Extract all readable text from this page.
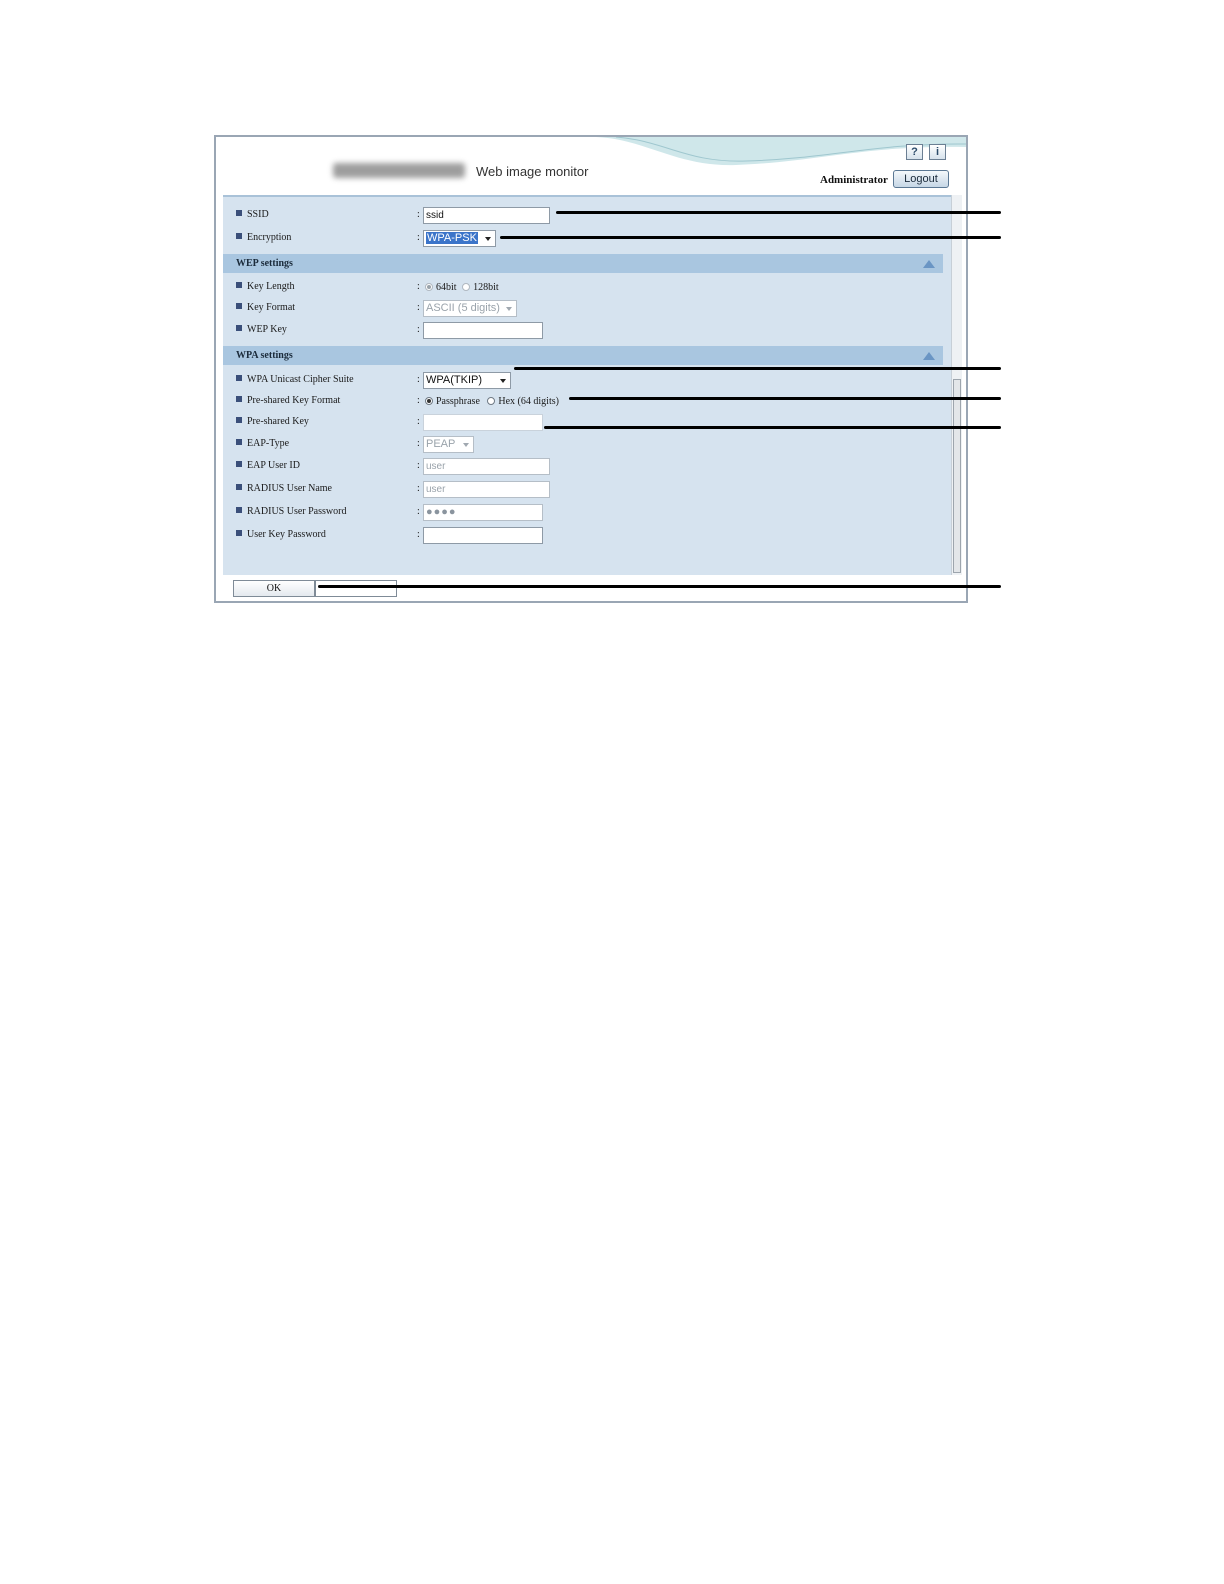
Web image monitor
?	i
Administrator	Logout
SSID	: ssid
Encryption	: WPA-PSK
WEP settings
Key Length	:	64bit 128bit
Key Format	: ASCII (5 digits)
WEP Key	:
WPA settings
WPA Unicast Cipher Suite	: WPA(TKIP)
Pre-shared Key Format	:	Passphrase Hex (64 digits)
Pre-shared Key	:
EAP-Type	: PEAP
EAP User ID	: user
RADIUS User Name	: user
RADIUS User Password	: ●●●●
User Key Password	:
OK
